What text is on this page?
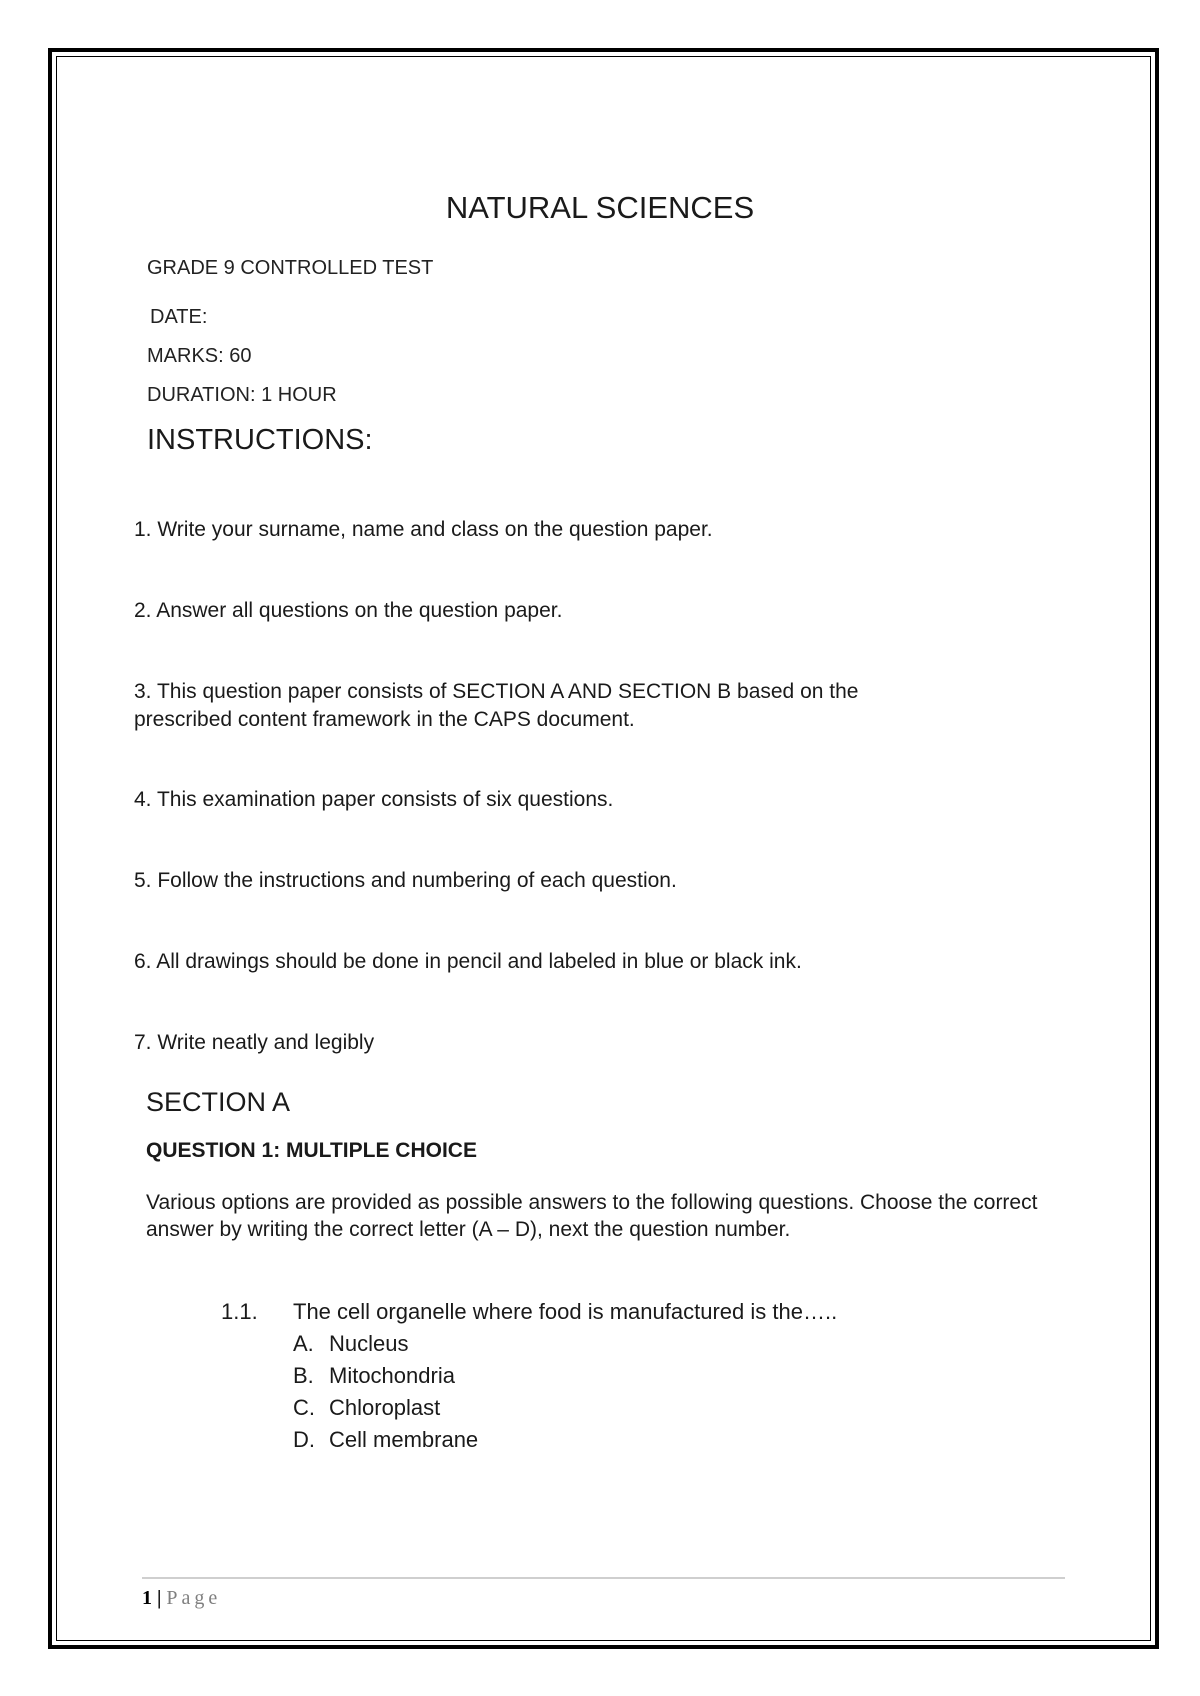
NATURAL SCIENCES
GRADE 9 CONTROLLED TEST
DATE:
MARKS: 60
DURATION: 1 HOUR
INSTRUCTIONS:
1. Write your surname, name and class on the question paper.
2. Answer all questions on the question paper.
3. This question paper consists of SECTION A AND SECTION B based on the prescribed content framework in the CAPS document.
4. This examination paper consists of six questions.
5. Follow the instructions and numbering of each question.
6. All drawings should be done in pencil and labeled in blue or black ink.
7. Write neatly and legibly
SECTION A
QUESTION 1: MULTIPLE CHOICE
Various options are provided as possible answers to the following questions. Choose the correct answer by writing the correct letter (A – D), next the question number.
1.1. The cell organelle where food is manufactured is the…..
A. Nucleus
B. Mitochondria
C. Chloroplast
D. Cell membrane
1 | Page
